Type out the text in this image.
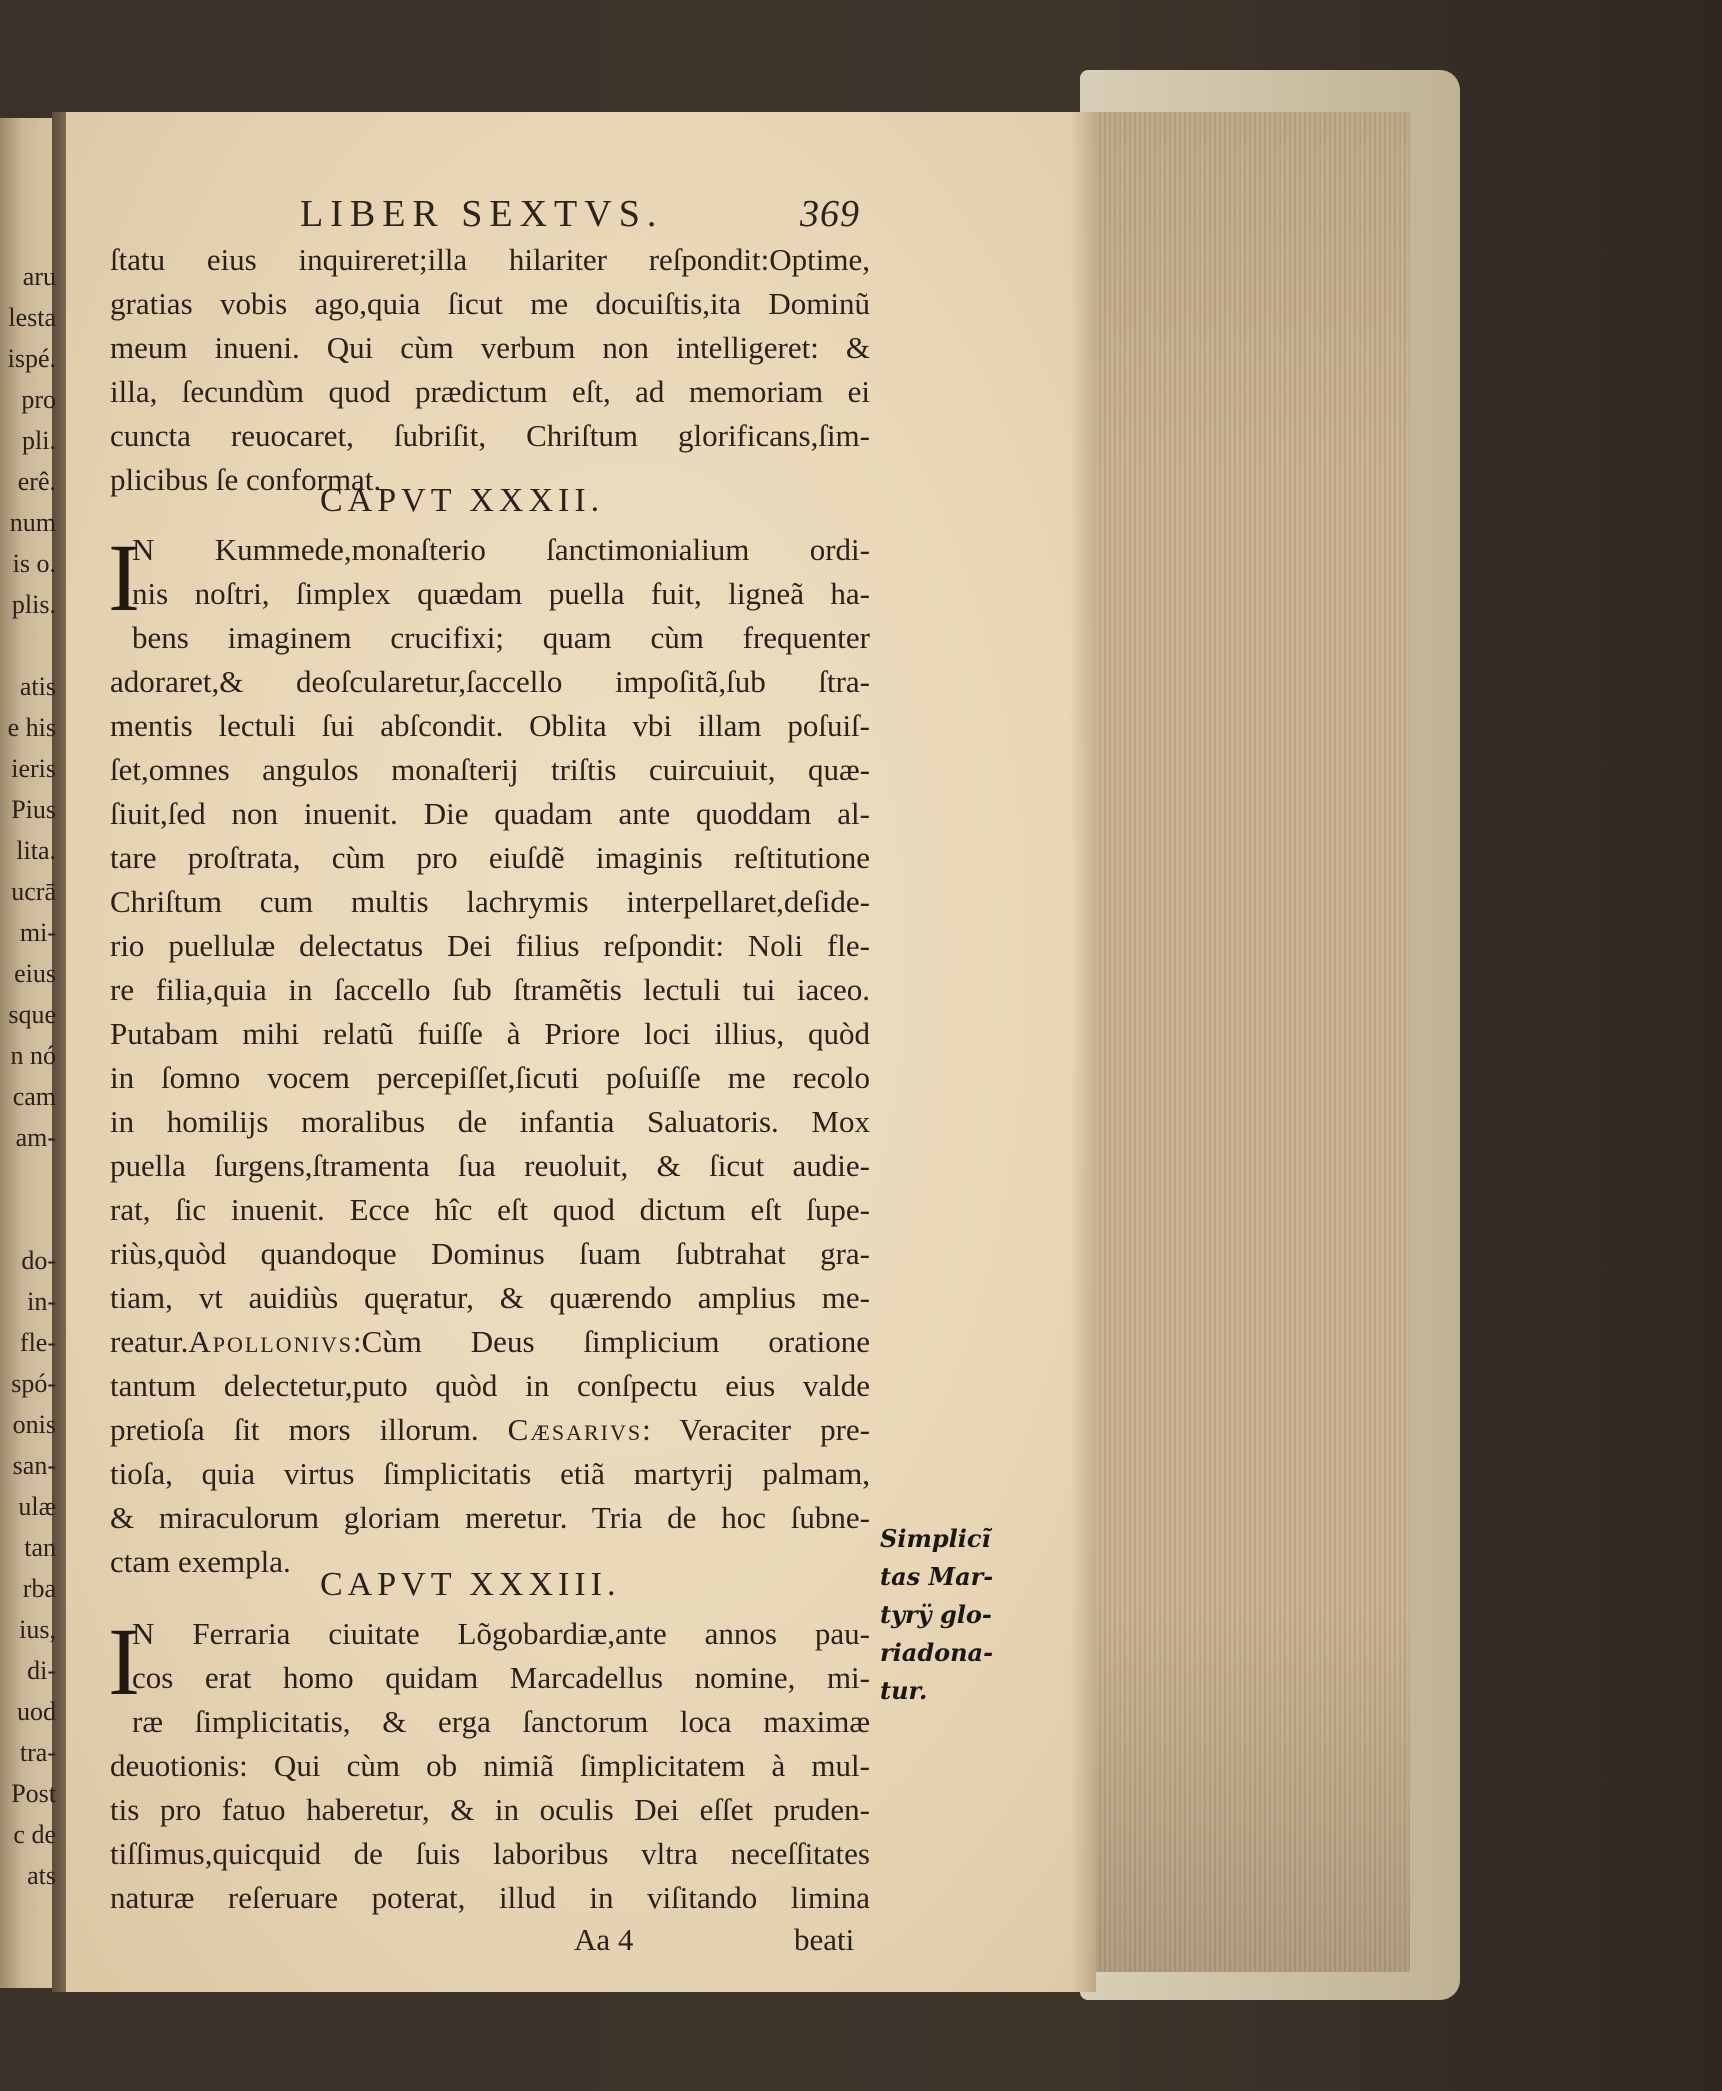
aru
lesta
ispé.
pro
pli.
erê.
num
is o.
plis.
atis
e his
ieris
Pius
lita.
ucrā
mi-
eius
sque
n nó
cam
am-
do-
in-
fle-
spó-
onis
san-
ulæ
tan
rba
ius,
di-
uod
tra-
Post
c de
ats
LIBER SEXTVS.	369
ſtatu eius inquireret;illa hilariter reſpondit:Optime,
gratias vobis ago,quia ſicut me docuiſtis,ita Dominũ
meum inueni. Qui cùm verbum non intelligeret: &
illa, ſecundùm quod prædictum eſt, ad memoriam ei
cuncta reuocaret, ſubriſit, Chriſtum glorificans,ſim-
plicibus ſe conformat.
CAPVT XXXII.
I
N Kummede,monaſterio ſanctimonialium ordi-
nis noſtri, ſimplex quædam puella fuit, ligneã ha-
bens imaginem crucifixi; quam cùm frequenter
adoraret,& deoſcularetur,ſaccello impoſitã,ſub ſtra-
mentis lectuli ſui abſcondit. Oblita vbi illam poſuiſ-
ſet,omnes angulos monaſterij triſtis cuircuiuit, quæ-
ſiuit,ſed non inuenit. Die quadam ante quoddam al-
tare proſtrata, cùm pro eiuſdẽ imaginis reſtitutione
Chriſtum cum multis lachrymis interpellaret,deſide-
rio puellulæ delectatus Dei filius reſpondit: Noli fle-
re filia,quia in ſaccello ſub ſtramẽtis lectuli tui iaceo.
Putabam mihi relatũ fuiſſe à Priore loci illius, quòd
in ſomno vocem percepiſſet,ſicuti poſuiſſe me recolo
in homilijs moralibus de infantia Saluatoris. Mox
puella ſurgens,ſtramenta ſua reuoluit, & ſicut audie-
rat, ſic inuenit. Ecce hîc eſt quod dictum eſt ſupe-
riùs,quòd quandoque Dominus ſuam ſubtrahat gra-
tiam, vt auidiùs quęratur, & quærendo amplius me-
reatur.Apollonivs:Cùm Deus ſimplicium oratione
tantum delectetur,puto quòd in conſpectu eius valde
pretioſa ſit mors illorum. Cæsarivs: Veraciter pre-
tioſa, quia virtus ſimplicitatis etiã martyrij palmam,
& miraculorum gloriam meretur. Tria de hoc ſubne-
ctam exempla.
CAPVT XXXIII.
I
N Ferraria ciuitate Lõgobardiæ,ante annos pau-
cos erat homo quidam Marcadellus nomine, mi-
ræ ſimplicitatis, & erga ſanctorum loca maximæ
deuotionis: Qui cùm ob nimiã ſimplicitatem à mul-
tis pro fatuo haberetur, & in oculis Dei eſſet pruden-
tiſſimus,quicquid de ſuis laboribus vltra neceſſitates
naturæ reſeruare poterat, illud in viſitando limina
Aa 4	beati
Simplicĩ
tas Mar-
tyrÿ glo-
riadona-
tur.
